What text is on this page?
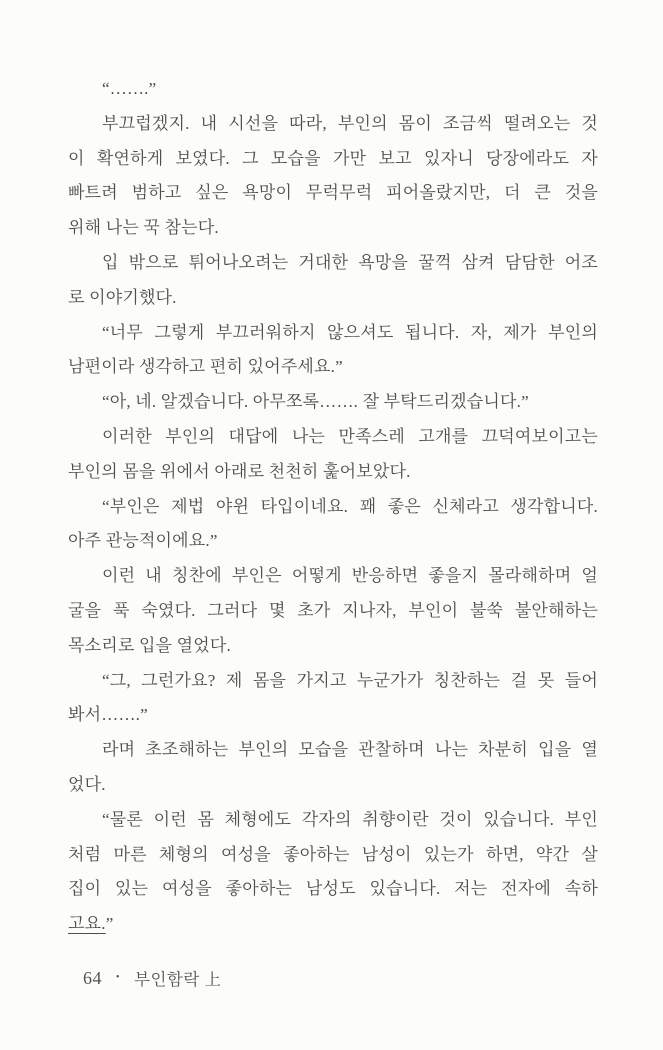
“…….”

부끄럽겠지. 내 시선을 따라, 부인의 몸이 조금씩 떨려오는 것
이 확연하게 보였다. 그 모습을 가만 보고 있자니 당장에라도 자
빠트려 범하고 싶은 욕망이 무럭무럭 피어올랐지만, 더 큰 것을
위해 나는 꾹 참는다.

입 밖으로 튀어나오려는 거대한 욕망을 꿀꺽 삼켜 담담한 어조
로 이야기했다.

“너무 그렇게 부끄러워하지 않으셔도 됩니다. 자, 제가 부인의
남편이라 생각하고 편히 있어주세요.”

“아, 네. 알겠습니다. 아무쪼록……. 잘 부탁드리겠습니다.”

이러한 부인의 대답에 나는 만족스레 고개를 끄덕여보이고는
부인의 몸을 위에서 아래로 천천히 훑어보았다.

“부인은 제법 야윈 타입이네요. 꽤 좋은 신체라고 생각합니다.
아주 관능적이에요.”

이런 내 칭찬에 부인은 어떻게 반응하면 좋을지 몰라해하며 얼
굴을 푹 숙였다. 그러다 몇 초가 지나자, 부인이 불쑥 불안해하는
목소리로 입을 열었다.

“그, 그런가요? 제 몸을 가지고 누군가가 칭찬하는 걸 못 들어
봐서…….”

라며 초조해하는 부인의 모습을 관찰하며 나는 차분히 입을 열
었다.

“물론 이런 몸 체형에도 각자의 취향이란 것이 있습니다. 부인
처럼 마른 체형의 여성을 좋아하는 남성이 있는가 하면, 약간 살
집이 있는 여성을 좋아하는 남성도 있습니다. 저는 전자에 속하
고요.”

64 • 부인함락 上
